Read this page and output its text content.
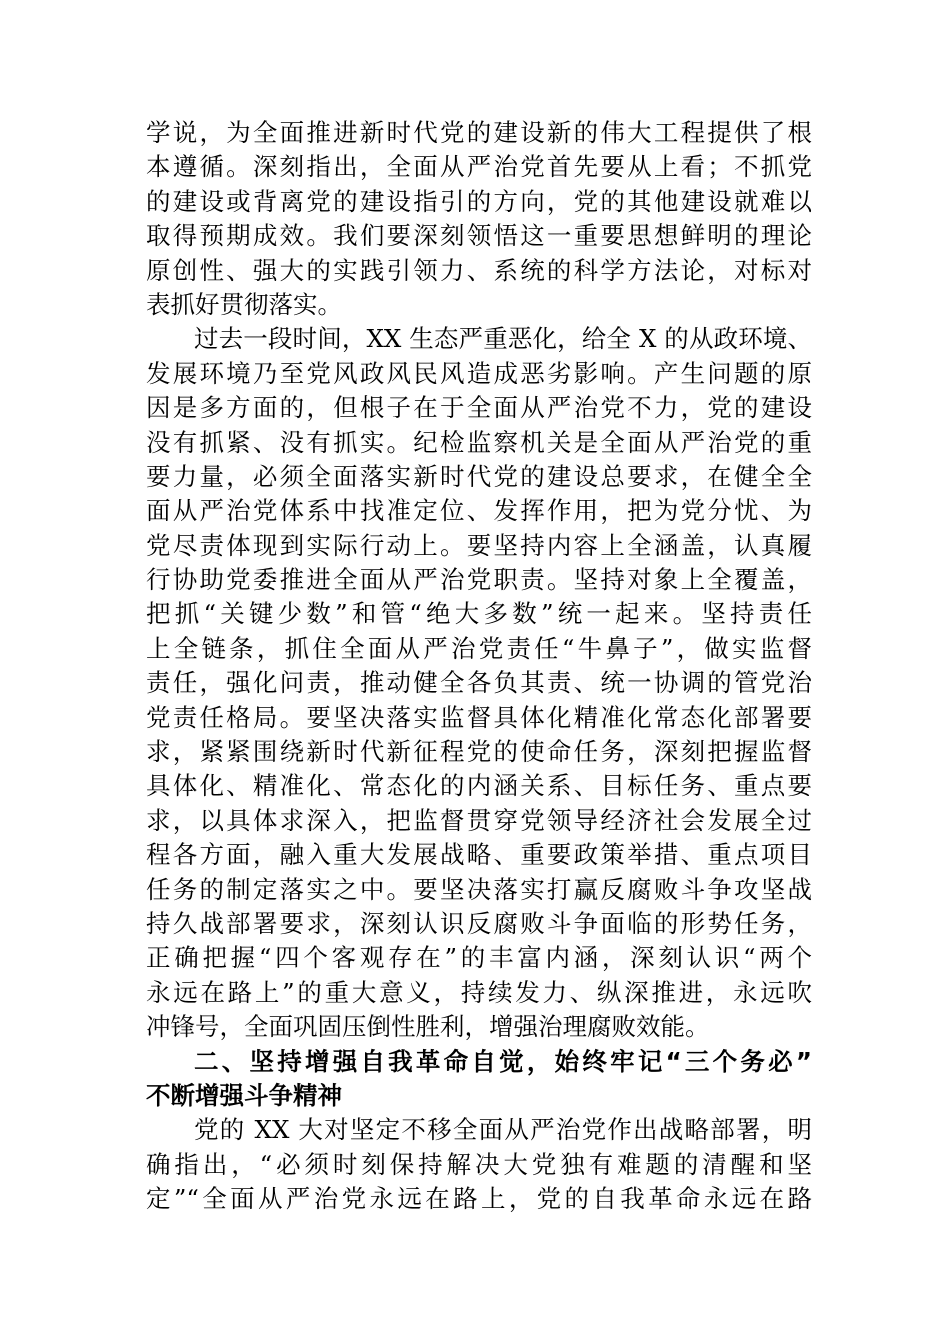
学说，为全面推进新时代党的建设新的伟大工程提供了根
本遵循。深刻指出，全面从严治党首先要从上看；不抓党
的建设或背离党的建设指引的方向，党的其他建设就难以
取得预期成效。我们要深刻领悟这一重要思想鲜明的理论
原创性、强大的实践引领力、系统的科学方法论，对标对
表抓好贯彻落实。
过去一段时间，XX 生态严重恶化，给全 X 的从政环境、
发展环境乃至党风政风民风造成恶劣影响。产生问题的原
因是多方面的，但根子在于全面从严治党不力，党的建设
没有抓紧、没有抓实。纪检监察机关是全面从严治党的重
要力量，必须全面落实新时代党的建设总要求，在健全全
面从严治党体系中找准定位、发挥作用，把为党分忧、为
党尽责体现到实际行动上。要坚持内容上全涵盖，认真履
行协助党委推进全面从严治党职责。坚持对象上全覆盖，
把抓“关键少数”和管“绝大多数”统一起来。坚持责任
上全链条，抓住全面从严治党责任“牛鼻子”，做实监督
责任，强化问责，推动健全各负其责、统一协调的管党治
党责任格局。要坚决落实监督具体化精准化常态化部署要
求，紧紧围绕新时代新征程党的使命任务，深刻把握监督
具体化、精准化、常态化的内涵关系、目标任务、重点要
求，以具体求深入，把监督贯穿党领导经济社会发展全过
程各方面，融入重大发展战略、重要政策举措、重点项目
任务的制定落实之中。要坚决落实打赢反腐败斗争攻坚战
持久战部署要求，深刻认识反腐败斗争面临的形势任务，
正确把握“四个客观存在”的丰富内涵，深刻认识“两个
永远在路上”的重大意义，持续发力、纵深推进，永远吹
冲锋号，全面巩固压倒性胜利，增强治理腐败效能。
二、坚持增强自我革命自觉，始终牢记“三个务必”
不断增强斗争精神
党的 XX 大对坚定不移全面从严治党作出战略部署，明
确指出，“必须时刻保持解决大党独有难题的清醒和坚
定”“全面从严治党永远在路上，党的自我革命永远在路
